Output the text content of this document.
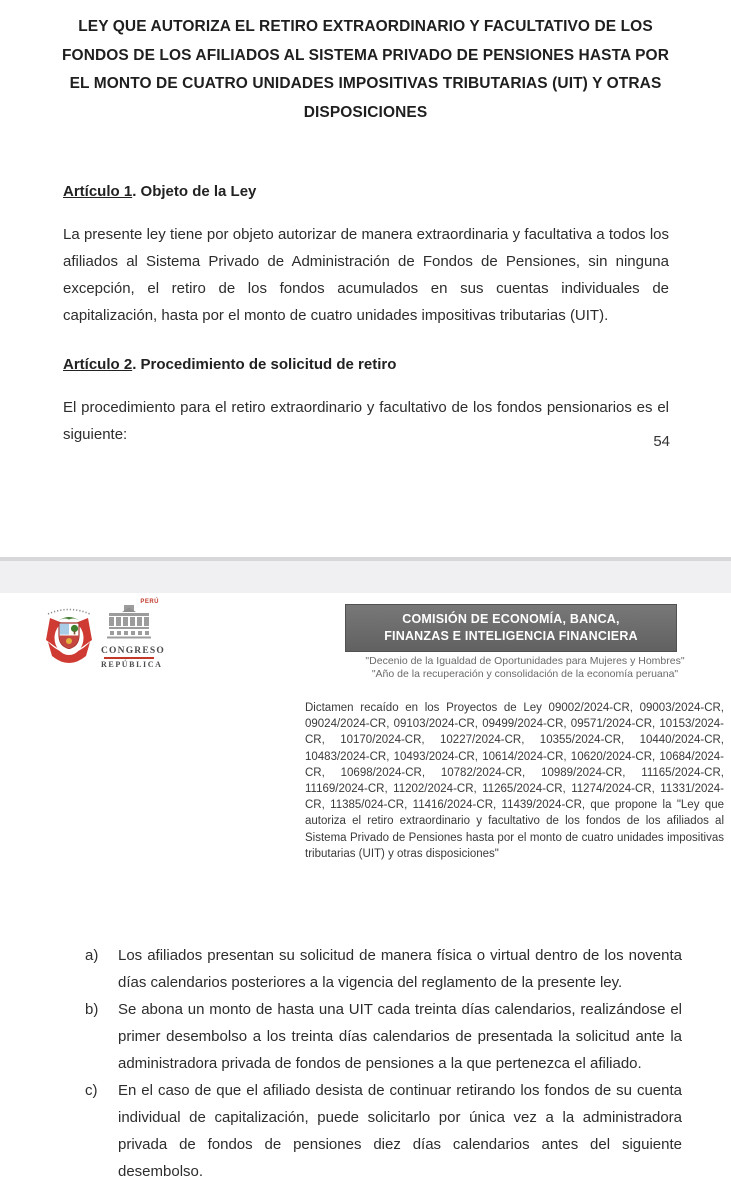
LEY QUE AUTORIZA EL RETIRO EXTRAORDINARIO Y FACULTATIVO DE LOS
FONDOS DE LOS AFILIADOS AL SISTEMA PRIVADO DE PENSIONES HASTA POR
EL MONTO DE CUATRO UNIDADES IMPOSITIVAS TRIBUTARIAS (UIT) Y OTRAS
DISPOSICIONES
Artículo 1. Objeto de la Ley

La presente ley tiene por objeto autorizar de manera extraordinaria y facultativa a todos los afiliados al Sistema Privado de Administración de Fondos de Pensiones, sin ninguna excepción, el retiro de los fondos acumulados en sus cuentas individuales de capitalización, hasta por el monto de cuatro unidades impositivas tributarias (UIT).

Artículo 2. Procedimiento de solicitud de retiro

El procedimiento para el retiro extraordinario y facultativo de los fondos pensionarios es el siguiente:	54
PERÚ
CONGRESO
REPÚBLICA
COMISIÓN DE ECONOMÍA, BANCA,
FINANZAS E INTELIGENCIA FINANCIERA
"Decenio de la Igualdad de Oportunidades para Mujeres y Hombres"
"Año de la recuperación y consolidación de la economía peruana"

Dictamen recaído en los Proyectos de Ley 09002/2024-CR, 09003/2024-CR, 09024/2024-CR, 09103/2024-CR, 09499/2024-CR, 09571/2024-CR, 10153/2024-CR, 10170/2024-CR, 10227/2024-CR, 10355/2024-CR, 10440/2024-CR, 10483/2024-CR, 10493/2024-CR, 10614/2024-CR, 10620/2024-CR, 10684/2024-CR, 10698/2024-CR, 10782/2024-CR, 10989/2024-CR, 11165/2024-CR, 11169/2024-CR, 11202/2024-CR, 11265/2024-CR, 11274/2024-CR, 11331/2024-CR, 11385/024-CR, 11416/2024-CR, 11439/2024-CR, que propone la "Ley que autoriza el retiro extraordinario y facultativo de los fondos de los afiliados al Sistema Privado de Pensiones hasta por el monto de cuatro unidades impositivas tributarias (UIT) y otras disposiciones"

a)	Los afiliados presentan su solicitud de manera física o virtual dentro de los noventa días calendarios posteriores a la vigencia del reglamento de la presente ley.
b)	Se abona un monto de hasta una UIT cada treinta días calendarios, realizándose el primer desembolso a los treinta días calendarios de presentada la solicitud ante la administradora privada de fondos de pensiones a la que pertenezca el afiliado.
c)	En el caso de que el afiliado desista de continuar retirando los fondos de su cuenta individual de capitalización, puede solicitarlo por única vez a la administradora privada de fondos de pensiones diez días calendarios antes del siguiente desembolso.
